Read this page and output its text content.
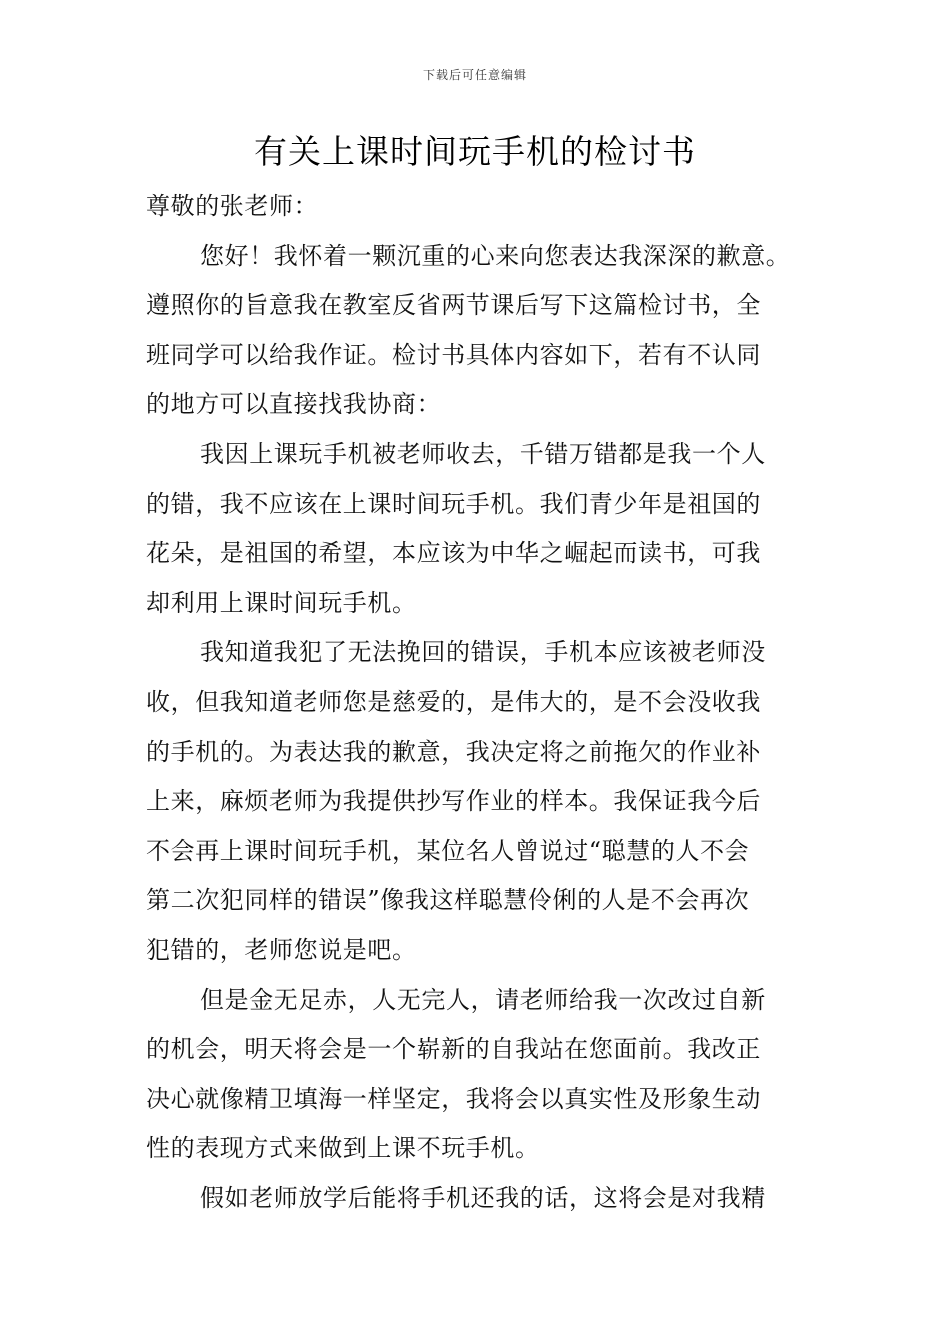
下载后可任意编辑
有关上课时间玩手机的检讨书
尊敬的张老师：
您好！我怀着一颗沉重的心来向您表达我深深的歉意。
遵照你的旨意我在教室反省两节课后写下这篇检讨书，全
班同学可以给我作证。检讨书具体内容如下，若有不认同
的地方可以直接找我协商：
我因上课玩手机被老师收去，千错万错都是我一个人
的错，我不应该在上课时间玩手机。我们青少年是祖国的
花朵，是祖国的希望，本应该为中华之崛起而读书，可我
却利用上课时间玩手机。
我知道我犯了无法挽回的错误，手机本应该被老师没
收，但我知道老师您是慈爱的，是伟大的，是不会没收我
的手机的。为表达我的歉意，我决定将之前拖欠的作业补
上来，麻烦老师为我提供抄写作业的样本。我保证我今后
不会再上课时间玩手机，某位名人曾说过“聪慧的人不会
第二次犯同样的错误”像我这样聪慧伶俐的人是不会再次
犯错的，老师您说是吧。
但是金无足赤，人无完人，请老师给我一次改过自新
的机会，明天将会是一个崭新的自我站在您面前。我改正
决心就像精卫填海一样坚定，我将会以真实性及形象生动
性的表现方式来做到上课不玩手机。
假如老师放学后能将手机还我的话，这将会是对我精
